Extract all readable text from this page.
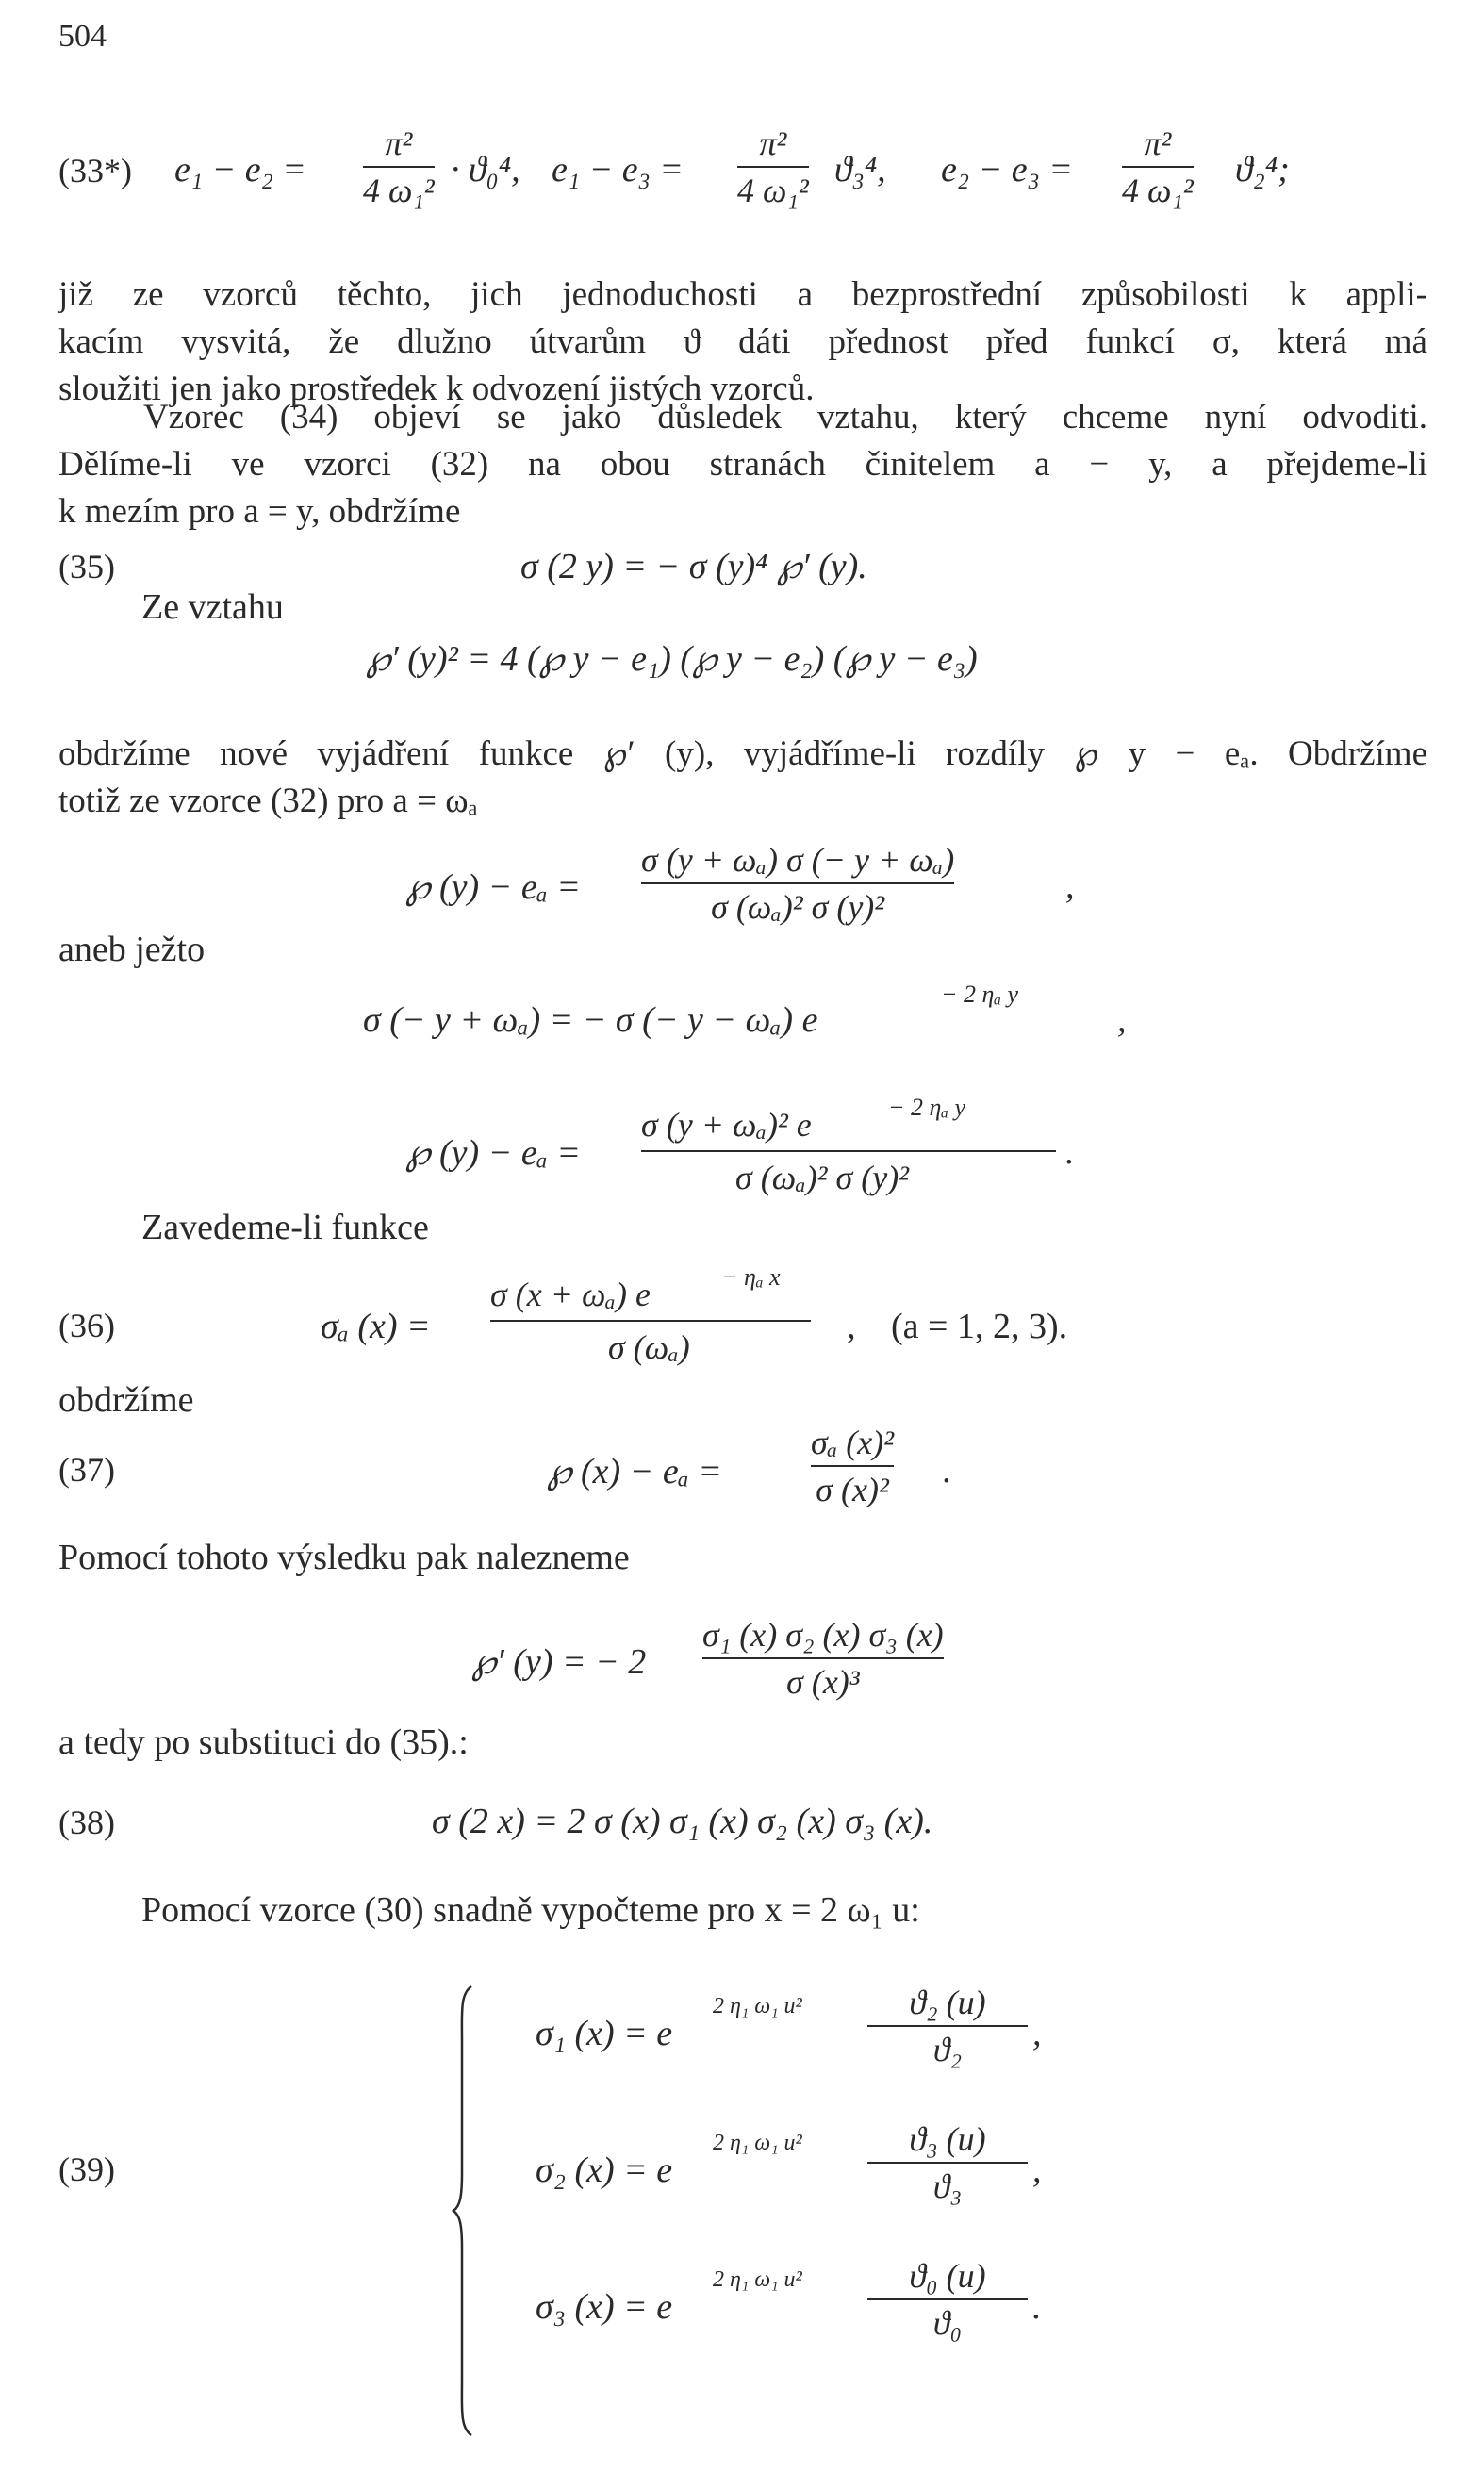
504
(33*) e₁ − e₂ =
π²
4 ω₁²
· ϑ₀⁴, e₁ − e₃ =
π²
4 ω₁²
ϑ₃⁴, e₂ − e₃ =
π²
4 ω₁²
ϑ₂⁴;
již ze vzorců těchto, jich jednoduchosti a bezprostřední způsobilosti k appli-
kacím vysvitá, že dlužno útvarům ϑ dáti přednost před funkcí σ, která má
sloužiti jen jako prostředek k odvození jistých vzorců.
Vzorec (34) objeví se jako důsledek vztahu, který chceme nyní odvoditi.
Dělíme-li ve vzorci (32) na obou stranách činitelem a − y, a přejdeme-li
k mezím pro a = y, obdržíme
(35)	σ (2 y) = − σ (y)⁴ ℘′ (y).
Ze vztahu
℘′ (y)² = 4 (℘ y − e₁) (℘ y − e₂) (℘ y − e₃)
obdržíme nové vyjádření funkce ℘′ (y), vyjádříme-li rozdíly ℘ y − eₐ. Obdržíme
totiž ze vzorce (32) pro a = ωₐ
℘ (y) − eₐ =
σ (y + ωₐ) σ (− y + ωₐ)
σ (ωₐ)² σ (y)²
,
aneb ježto
σ (− y + ωₐ) = − σ (− y − ωₐ) e
− 2 ηₐ y
,
℘ (y) − eₐ =
σ (y + ωₐ)² e	− 2 ηₐ y
σ (ωₐ)² σ (y)²
.
Zavedeme-li funkce
(36)	σₐ (x) =
σ (x + ωₐ) e	− ηₐ x
σ (ωₐ)
, (a = 1, 2, 3).
obdržíme
(37)	℘ (x) − eₐ =
σₐ (x)²
σ (x)² .
Pomocí tohoto výsledku pak nalezneme
℘′ (y) = − 2
σ₁ (x) σ₂ (x) σ₃ (x)
σ (x)³
a tedy po substituci do (35).:
(38)	σ (2 x) = 2 σ (x) σ₁ (x) σ₂ (x) σ₃ (x).
Pomocí vzorce (30) snadně vypočteme pro x = 2 ω₁ u:
(39)
σ₁ (x) = e
2 η₁ ω₁ u²	ϑ₂ (u)
ϑ₂ ,
σ₂ (x) = e
2 η₁ ω₁ u²	ϑ₃ (u)
ϑ₃ ,
σ₃ (x) = e
2 η₁ ω₁ u²	ϑ₀ (u)
ϑ₀ .
